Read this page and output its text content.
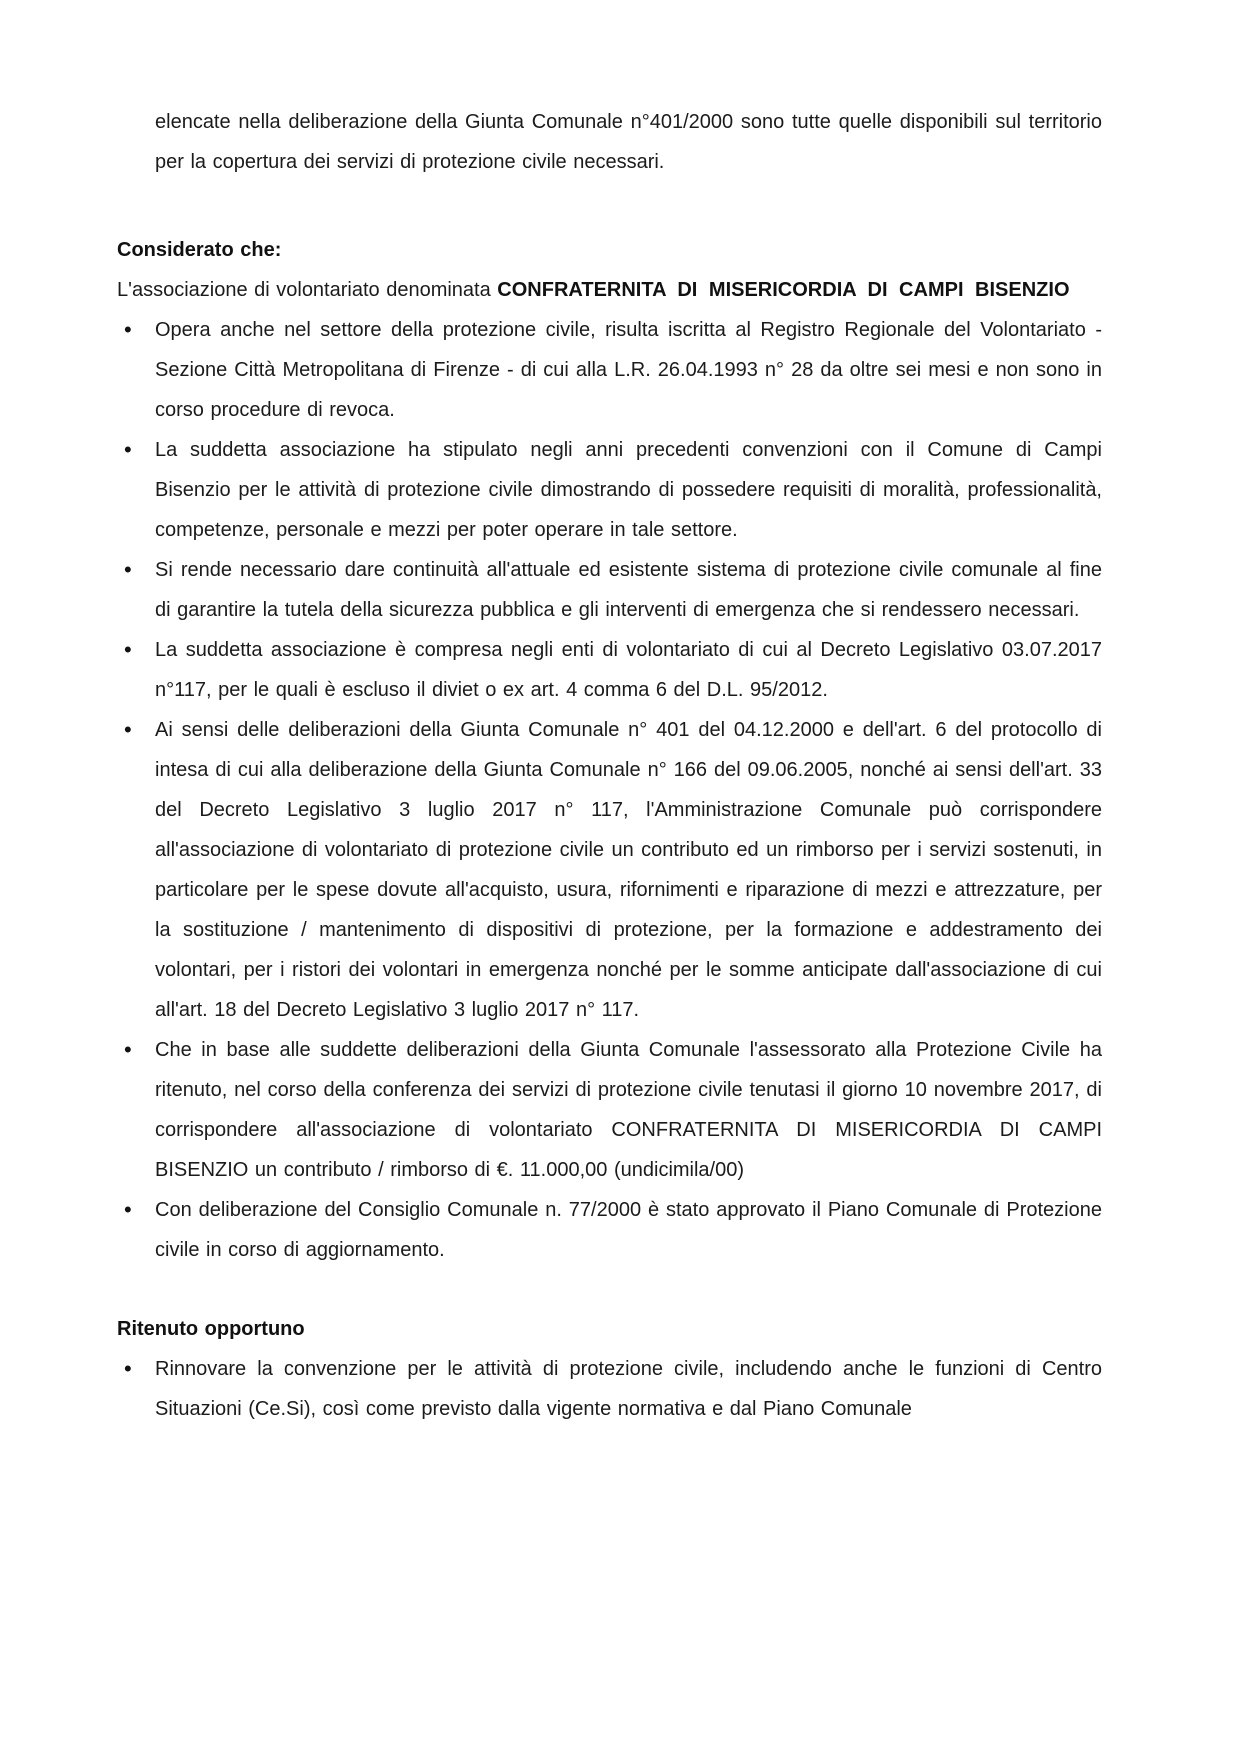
elencate nella deliberazione della Giunta Comunale n°401/2000 sono tutte quelle disponibili sul territorio per la copertura dei servizi di protezione civile necessari.

Considerato che:

L'associazione di volontariato denominata CONFRATERNITA DI MISERICORDIA DI CAMPI BISENZIO

• Opera anche nel settore della protezione civile, risulta iscritta al Registro Regionale del Volontariato - Sezione Città Metropolitana di Firenze - di cui alla L.R. 26.04.1993 n° 28 da oltre sei mesi e non sono in corso procedure di revoca.
• La suddetta associazione ha stipulato negli anni precedenti convenzioni con il Comune di Campi Bisenzio per le attività di protezione civile dimostrando di possedere requisiti di moralità, professionalità, competenze, personale e mezzi per poter operare in tale settore.
• Si rende necessario dare continuità all'attuale ed esistente sistema di protezione civile comunale al fine di garantire la tutela della sicurezza pubblica e gli interventi di emergenza che si rendessero necessari.
• La suddetta associazione è compresa negli enti di volontariato di cui al Decreto Legislativo 03.07.2017 n°117, per le quali è escluso il diviet o ex art. 4 comma 6 del D.L. 95/2012.
• Ai sensi delle deliberazioni della Giunta Comunale n° 401 del 04.12.2000 e dell'art. 6 del protocollo di intesa di cui alla deliberazione della Giunta Comunale n° 166 del 09.06.2005, nonché ai sensi dell'art. 33 del Decreto Legislativo 3 luglio 2017 n° 117, l'Amministrazione Comunale può corrispondere all'associazione di volontariato di protezione civile un contributo ed un rimborso per i servizi sostenuti, in particolare per le spese dovute all'acquisto, usura, rifornimenti e riparazione di mezzi e attrezzature, per la sostituzione / mantenimento di dispositivi di protezione, per la formazione e addestramento dei volontari, per i ristori dei volontari in emergenza nonché per le somme anticipate dall'associazione di cui all'art. 18 del Decreto Legislativo 3 luglio 2017 n° 117.
• Che in base alle suddette deliberazioni della Giunta Comunale l'assessorato alla Protezione Civile ha ritenuto, nel corso della conferenza dei servizi di protezione civile tenutasi il giorno 10 novembre 2017, di corrispondere all'associazione di volontariato CONFRATERNITA DI MISERICORDIA DI CAMPI BISENZIO un contributo / rimborso di €. 11.000,00 (undicimila/00)
• Con deliberazione del Consiglio Comunale n. 77/2000 è stato approvato il Piano Comunale di Protezione civile in corso di aggiornamento.

Ritenuto opportuno

• Rinnovare la convenzione per le attività di protezione civile, includendo anche le funzioni di Centro Situazioni (Ce.Si), così come previsto dalla vigente normativa e dal Piano Comunale
